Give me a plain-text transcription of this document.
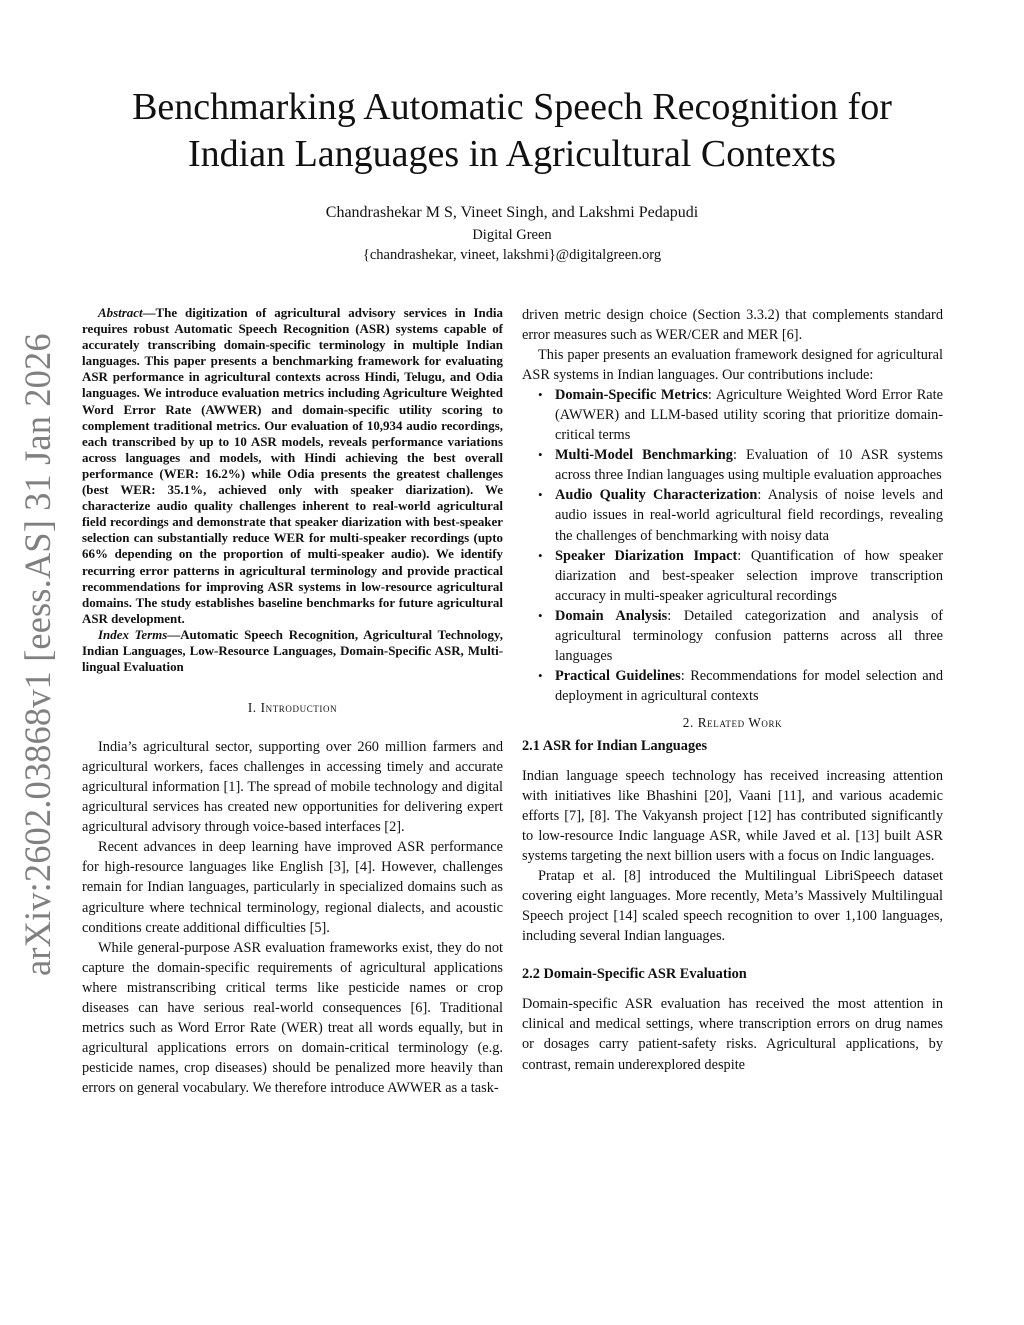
arXiv:2602.03868v1 [eess.AS] 31 Jan 2026
Benchmarking Automatic Speech Recognition for
Indian Languages in Agricultural Contexts
Chandrashekar M S, Vineet Singh, and Lakshmi Pedapudi
Digital Green
{chandrashekar, vineet, lakshmi}@digitalgreen.org

Abstract—The digitization of agricultural advisory services in India requires robust Automatic Speech Recognition (ASR) systems capable of accurately transcribing domain-specific terminology in multiple Indian languages. This paper presents a benchmarking framework for evaluating ASR performance in agricultural contexts across Hindi, Telugu, and Odia languages. We introduce evaluation metrics including Agriculture Weighted Word Error Rate (AWWER) and domain-specific utility scoring to complement traditional metrics. Our evaluation of 10,934 audio recordings, each transcribed by up to 10 ASR models, reveals performance variations across languages and models, with Hindi achieving the best overall performance (WER: 16.2%) while Odia presents the greatest challenges (best WER: 35.1%, achieved only with speaker diarization). We characterize audio quality challenges inherent to real-world agricultural field recordings and demonstrate that speaker diarization with best-speaker selection can substantially reduce WER for multi-speaker recordings (upto 66% depending on the proportion of multi-speaker audio). We identify recurring error patterns in agricultural terminology and provide practical recommendations for improving ASR systems in low-resource agricultural domains. The study establishes baseline benchmarks for future agricultural ASR development.

Index Terms—Automatic Speech Recognition, Agricultural Technology, Indian Languages, Low-Resource Languages, Domain-Specific ASR, Multi-lingual Evaluation
I. Introduction

India’s agricultural sector, supporting over 260 million farmers and agricultural workers, faces challenges in accessing timely and accurate agricultural information [1]. The spread of mobile technology and digital agricultural services has created new opportunities for delivering expert agricultural advisory through voice-based interfaces [2].

Recent advances in deep learning have improved ASR performance for high-resource languages like English [3], [4]. However, challenges remain for Indian languages, particularly in specialized domains such as agriculture where technical terminology, regional dialects, and acoustic conditions create additional difficulties [5].

While general-purpose ASR evaluation frameworks exist, they do not capture the domain-specific requirements of agricultural applications where mistranscribing critical terms like pesticide names or crop diseases can have serious real-world consequences [6]. Traditional metrics such as Word Error Rate (WER) treat all words equally, but in agricultural applications errors on domain-critical terminology (e.g. pesticide names, crop diseases) should be penalized more heavily than errors on general vocabulary. We therefore introduce AWWER as a task-

driven metric design choice (Section 3.3.2) that complements standard error measures such as WER/CER and MER [6].

This paper presents an evaluation framework designed for agricultural ASR systems in Indian languages. Our contributions include:

• Domain-Specific Metrics: Agriculture Weighted Word Error Rate (AWWER) and LLM-based utility scoring that prioritize domain-critical terms
• Multi-Model Benchmarking: Evaluation of 10 ASR systems across three Indian languages using multiple evaluation approaches
• Audio Quality Characterization: Analysis of noise levels and audio issues in real-world agricultural field recordings, revealing the challenges of benchmarking with noisy data
• Speaker Diarization Impact: Quantification of how speaker diarization and best-speaker selection improve transcription accuracy in multi-speaker agricultural recordings
• Domain Analysis: Detailed categorization and analysis of agricultural terminology confusion patterns across all three languages
• Practical Guidelines: Recommendations for model selection and deployment in agricultural contexts
2. Related Work
2.1 ASR for Indian Languages

Indian language speech technology has received increasing attention with initiatives like Bhashini [20], Vaani [11], and various academic efforts [7], [8]. The Vakyansh project [12] has contributed significantly to low-resource Indic language ASR, while Javed et al. [13] built ASR systems targeting the next billion users with a focus on Indic languages.

Pratap et al. [8] introduced the Multilingual LibriSpeech dataset covering eight languages. More recently, Meta’s Massively Multilingual Speech project [14] scaled speech recognition to over 1,100 languages, including several Indian languages.

2.2 Domain-Specific ASR Evaluation

Domain-specific ASR evaluation has received the most attention in clinical and medical settings, where transcription errors on drug names or dosages carry patient-safety risks. Agricultural applications, by contrast, remain underexplored despite
